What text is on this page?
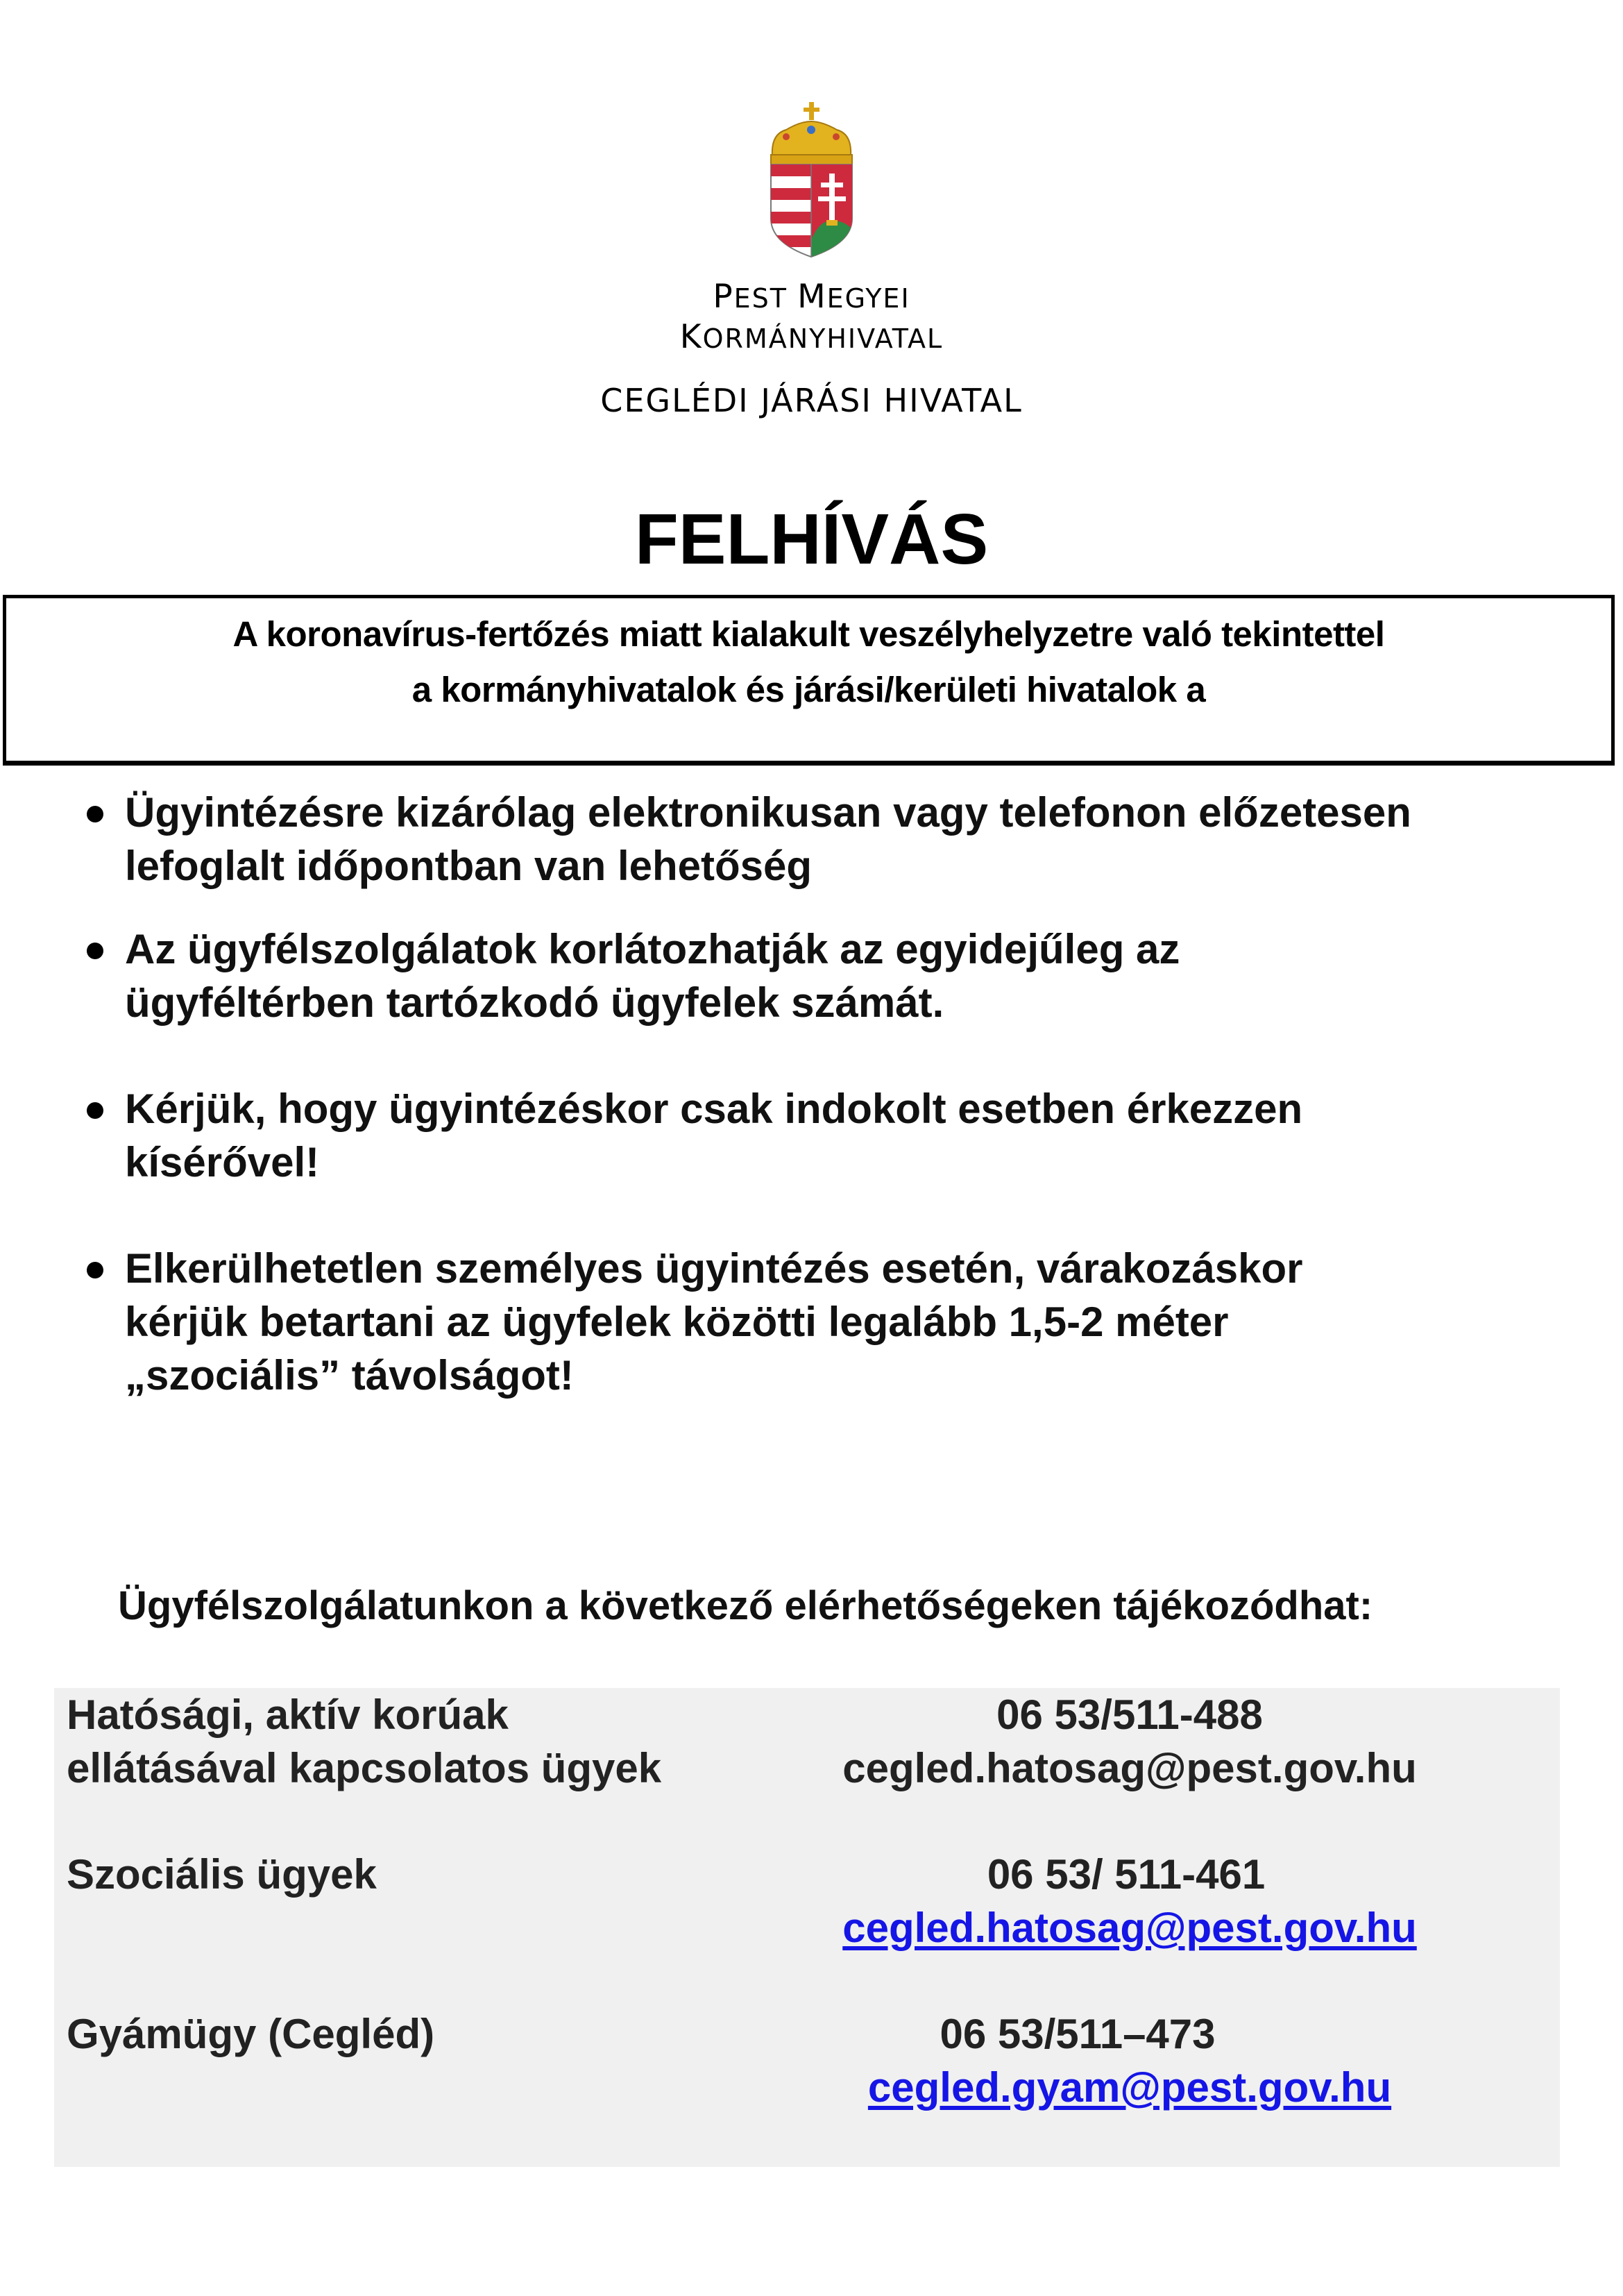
PEST MEGYEI
KORMÁNYHIVATAL
CEGLÉDI JÁRÁSI HIVATAL
FELHÍVÁS
A koronavírus-fertőzés miatt kialakult veszélyhelyzetre való tekintettel
a kormányhivatalok és járási/kerületi hivatalok a
Ügyintézésre kizárólag elektronikusan vagy telefonon előzetesen
lefoglalt időpontban van lehetőség
Az ügyfélszolgálatok korlátozhatják az egyidejűleg az
ügyféltérben tartózkodó ügyfelek számát.
Kérjük, hogy ügyintézéskor csak indokolt esetben érkezzen
kísérővel!
Elkerülhetetlen személyes ügyintézés esetén, várakozáskor
kérjük betartani az ügyfelek közötti legalább 1,5-2 méter
„szociális” távolságot!
Ügyfélszolgálatunkon a következő elérhetőségeken tájékozódhat:
Hatósági, aktív korúak
ellátásával kapcsolatos ügyek
06 53/511-488
cegled.hatosag@pest.gov.hu
Szociális ügyek	06 53/ 511-461
cegled.hatosag@pest.gov.hu
Gyámügy (Cegléd)	06 53/511–473
cegled.gyam@pest.gov.hu
